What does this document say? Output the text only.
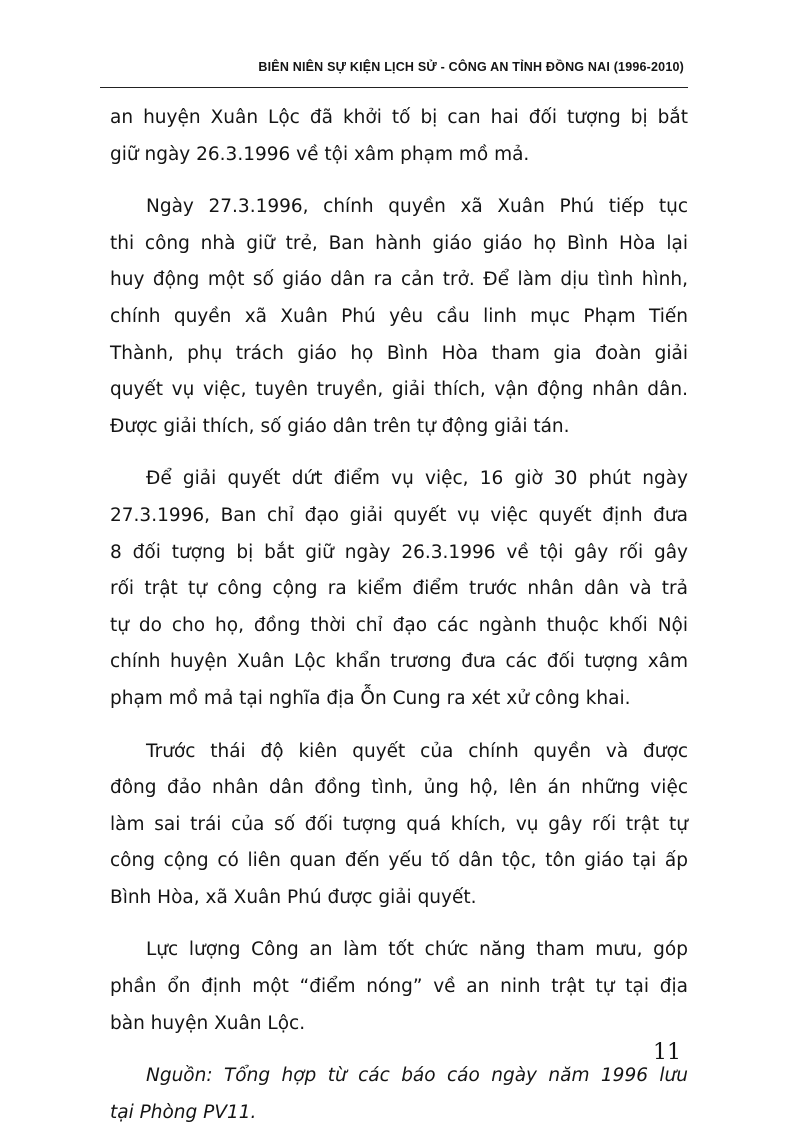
BIÊN NIÊN SỰ KIỆN LỊCH SỬ - CÔNG AN TỈNH ĐỒNG NAI (1996-2010)

an huyện Xuân Lộc đã khởi tố bị can hai đối tượng bị bắt
giữ ngày 26.3.1996 về tội xâm phạm mồ mả.

Ngày 27.3.1996, chính quyền xã Xuân Phú tiếp tục
thi công nhà giữ trẻ, Ban hành giáo giáo họ Bình Hòa lại
huy động một số giáo dân ra cản trở. Để làm dịu tình hình,
chính quyền xã Xuân Phú yêu cầu linh mục Phạm Tiến
Thành, phụ trách giáo họ Bình Hòa tham gia đoàn giải
quyết vụ việc, tuyên truyền, giải thích, vận động nhân dân.
Được giải thích, số giáo dân trên tự động giải tán.

Để giải quyết dứt điểm vụ việc, 16 giờ 30 phút ngày
27.3.1996, Ban chỉ đạo giải quyết vụ việc quyết định đưa
8 đối tượng bị bắt giữ ngày 26.3.1996 về tội gây rối gây
rối trật tự công cộng ra kiểm điểm trước nhân dân và trả
tự do cho họ, đồng thời chỉ đạo các ngành thuộc khối Nội
chính huyện Xuân Lộc khẩn trương đưa các đối tượng xâm
phạm mồ mả tại nghĩa địa Ỗn Cung ra xét xử công khai.

Trước thái độ kiên quyết của chính quyền và được
đông đảo nhân dân đồng tình, ủng hộ, lên án những việc
làm sai trái của số đối tượng quá khích, vụ gây rối trật tự
công cộng có liên quan đến yếu tố dân tộc, tôn giáo tại ấp
Bình Hòa, xã Xuân Phú được giải quyết.

Lực lượng Công an làm tốt chức năng tham mưu, góp
phần ổn định một “điểm nóng” về an ninh trật tự tại địa
bàn huyện Xuân Lộc.

Nguồn: Tổng hợp từ các báo cáo ngày năm 1996 lưu
tại Phòng PV11.

11
